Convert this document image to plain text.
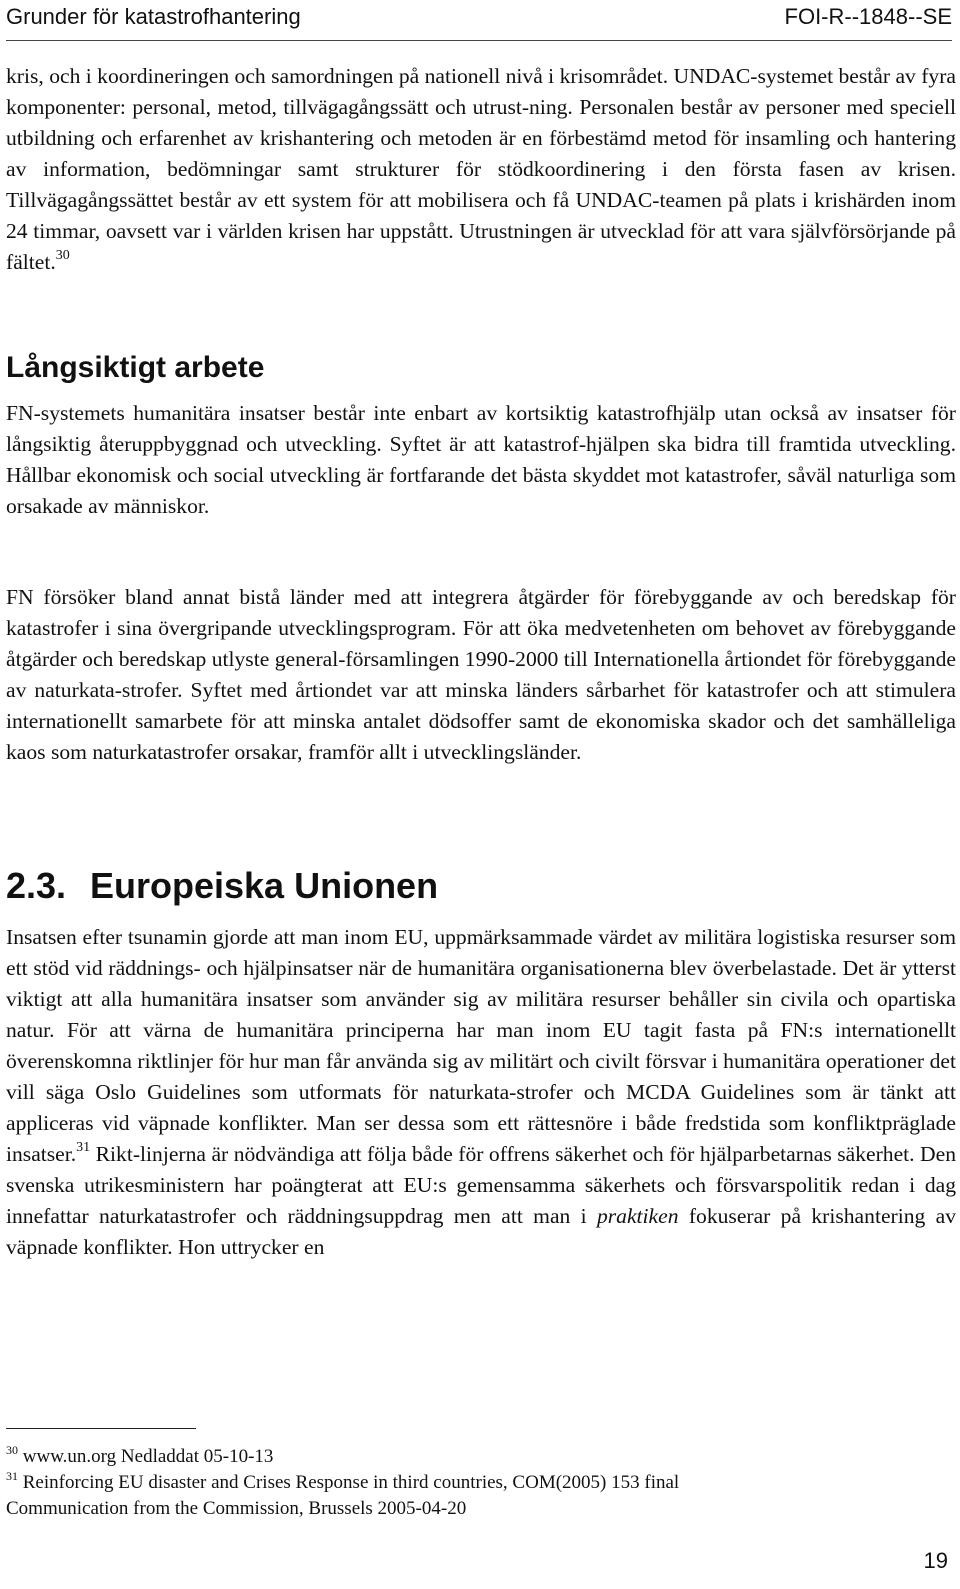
Grunder för katastrofhantering	FOI-R--1848--SE

kris, och i koordineringen och samordningen på nationell nivå i krisområdet. UNDAC-systemet består av fyra komponenter: personal, metod, tillvägagångssätt och utrust-ning. Personalen består av personer med speciell utbildning och erfarenhet av krishantering och metoden är en förbestämd metod för insamling och hantering av information, bedömningar samt strukturer för stödkoordinering i den första fasen av krisen. Tillvägagångssättet består av ett system för att mobilisera och få UNDAC-teamen på plats i krishärden inom 24 timmar, oavsett var i världen krisen har uppstått. Utrustningen är utvecklad för att vara självförsörjande på fältet.$^{30}$

Långsiktigt arbete

FN-systemets humanitära insatser består inte enbart av kortsiktig katastrofhjälp utan också av insatser för långsiktig återuppbyggnad och utveckling. Syftet är att katastrof-hjälpen ska bidra till framtida utveckling. Hållbar ekonomisk och social utveckling är fortfarande det bästa skyddet mot katastrofer, såväl naturliga som orsakade av människor.

FN försöker bland annat bistå länder med att integrera åtgärder för förebyggande av och beredskap för katastrofer i sina övergripande utvecklingsprogram. För att öka medvetenheten om behovet av förebyggande åtgärder och beredskap utlyste general-församlingen 1990-2000 till Internationella årtiondet för förebyggande av naturkata-strofer. Syftet med årtiondet var att minska länders sårbarhet för katastrofer och att stimulera internationellt samarbete för att minska antalet dödsoffer samt de ekonomiska skador och det samhälleliga kaos som naturkatastrofer orsakar, framför allt i utvecklingsländer.

2.3. Europeiska Unionen

Insatsen efter tsunamin gjorde att man inom EU, uppmärksammade värdet av militära logistiska resurser som ett stöd vid räddnings- och hjälpinsatser när de humanitära organisationerna blev överbelastade. Det är ytterst viktigt att alla humanitära insatser som använder sig av militära resurser behåller sin civila och opartiska natur. För att värna de humanitära principerna har man inom EU tagit fasta på FN:s internationellt överenskomna riktlinjer för hur man får använda sig av militärt och civilt försvar i humanitära operationer det vill säga Oslo Guidelines som utformats för naturkata-strofer och MCDA Guidelines som är tänkt att appliceras vid väpnade konflikter. Man ser dessa som ett rättesnöre i både fredstida som konfliktpräglade insatser.$^{31}$ Rikt-linjerna är nödvändiga att följa både för offrens säkerhet och för hjälparbetarnas säkerhet. Den svenska utrikesministern har poängterat att EU:s gemensamma säkerhets och försvarspolitik redan i dag innefattar naturkatastrofer och räddningsuppdrag men att man i praktiken fokuserar på krishantering av väpnade konflikter. Hon uttrycker en

$^{30}$ www.un.org Nedladdat 05-10-13
$^{31}$ Reinforcing EU disaster and Crises Response in third countries, COM(2005) 153 final
Communication from the Commission, Brussels 2005-04-20
19
